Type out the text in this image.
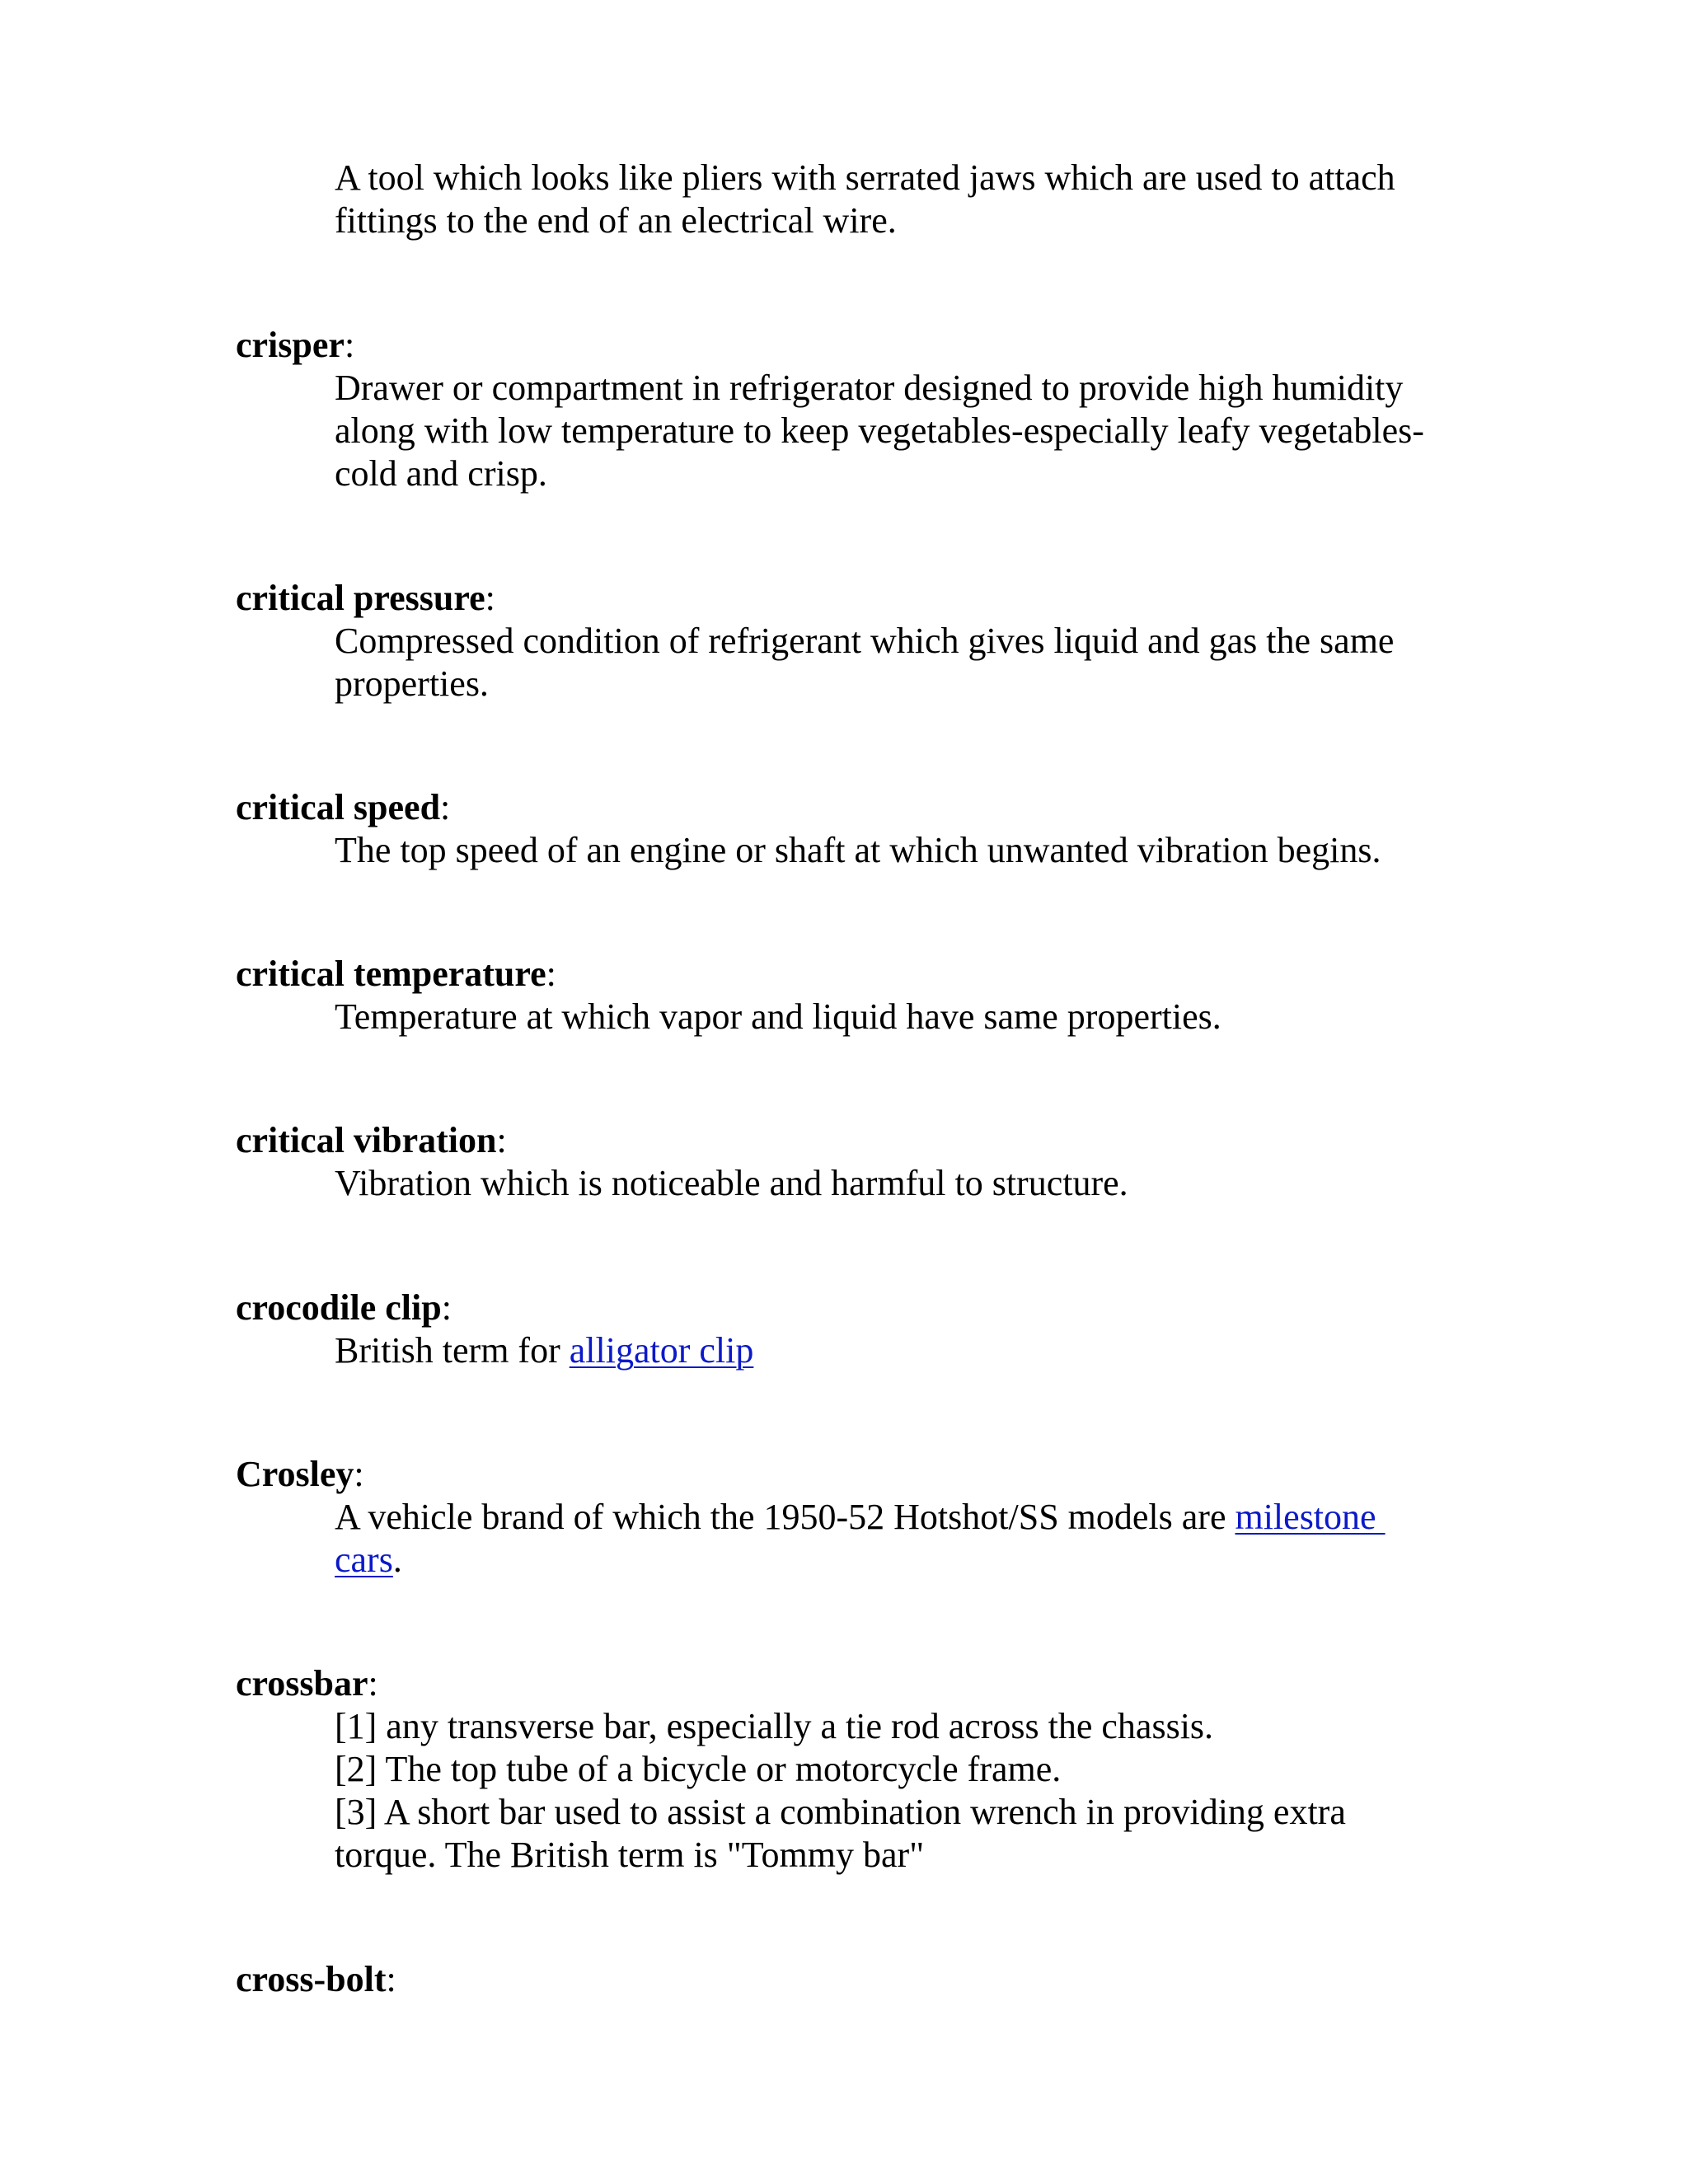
A tool which looks like pliers with serrated jaws which are used to attach
fittings to the end of an electrical wire.
crisper:
Drawer or compartment in refrigerator designed to provide high humidity
along with low temperature to keep vegetables-especially leafy vegetables-
cold and crisp.
critical pressure:
Compressed condition of refrigerant which gives liquid and gas the same
properties.
critical speed:
The top speed of an engine or shaft at which unwanted vibration begins.
critical temperature:
Temperature at which vapor and liquid have same properties.
critical vibration:
Vibration which is noticeable and harmful to structure.
crocodile clip:
British term for alligator clip
Crosley:
A vehicle brand of which the 1950-52 Hotshot/SS models are milestone
cars.
crossbar:
[1] any transverse bar, especially a tie rod across the chassis.
[2] The top tube of a bicycle or motorcycle frame.
[3] A short bar used to assist a combination wrench in providing extra
torque. The British term is "Tommy bar"
cross-bolt:
